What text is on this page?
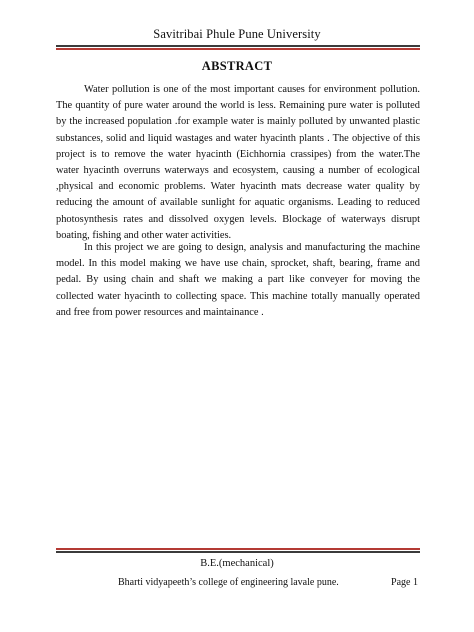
Savitribai Phule Pune University
ABSTRACT

Water pollution is one of the most important causes for environment pollution. The quantity of pure water around the world is less. Remaining pure water is polluted by the increased population .for example water is mainly polluted by unwanted plastic substances, solid and liquid wastages and water hyacinth plants . The objective of this project is to remove the water hyacinth (Eichhornia crassipes) from the water.The water hyacinth overruns waterways and ecosystem, causing a number of ecological ,physical and economic problems. Water hyacinth mats decrease water quality by reducing the amount of available sunlight for aquatic organisms. Leading to reduced photosynthesis rates and dissolved oxygen levels. Blockage of waterways disrupt boating, fishing and other water activities.

In this project we are going to design, analysis and manufacturing the machine model. In this model making we have use chain, sprocket, shaft, bearing, frame and pedal. By using chain and shaft we making a part like conveyer for moving the collected water hyacinth to collecting space. This machine totally manually operated and free from power resources and maintainance .

B.E.(mechanical)
Bharti vidyapeeth’s college of engineering lavale pune.	Page 1
